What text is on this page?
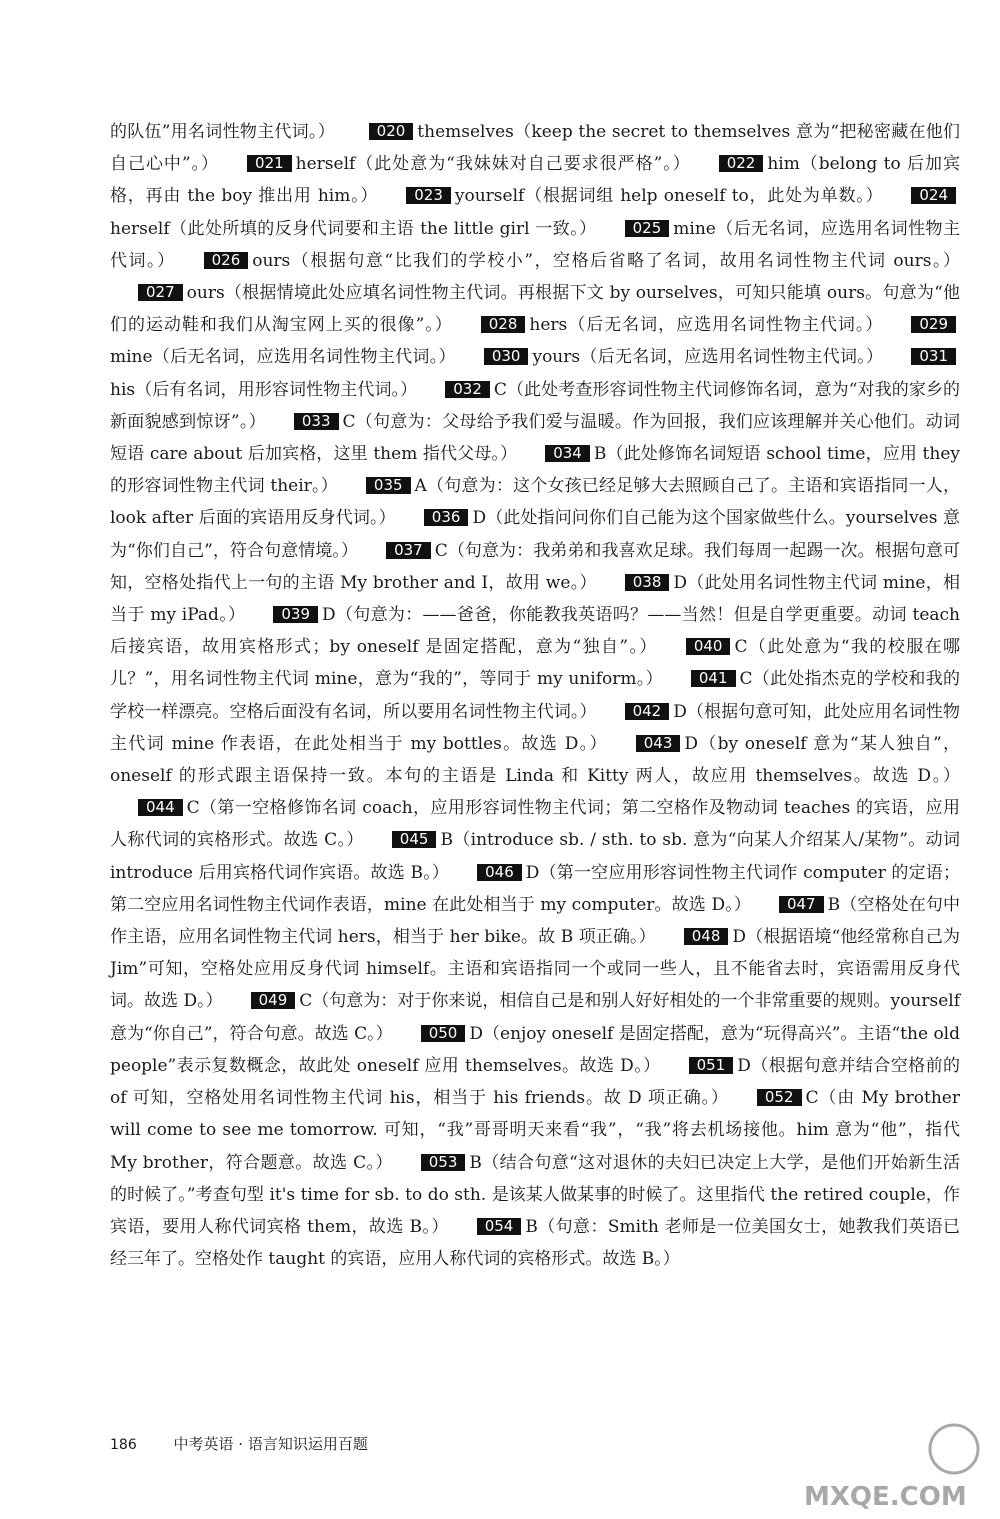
的队伍”用名词性物主代词。）	020 themselves（keep the secret to themselves 意为“把秘密藏在他们自己心中”。） 021 herself（此处意为“我妹妹对自己要求很严格”。） 022 him（belong to 后加宾格，再由 the boy 推出用 him。） 023 yourself（根据词组 help oneself to，此处为单数。） 024herself（此处所填的反身代词要和主语 the little girl 一致。） 025 mine（后无名词，应选用名词性物主代词。） 026 ours（根据句意“比我们的学校小”，空格后省略了名词，故用名词性物主代词 ours。）027 ours（根据情境此处应填名词性物主代词。再根据下文 by ourselves，可知只能填 ours。句意为“他们的运动鞋和我们从淘宝网上买的很像”。） 028 hers（后无名词，应选用名词性物主代词。） 029mine（后无名词，应选用名词性物主代词。） 030 yours（后无名词，应选用名词性物主代词。） 031his（后有名词，用形容词性物主代词。） 032 C（此处考查形容词性物主代词修饰名词，意为“对我的家乡的新面貌感到惊讶”。） 033 C（句意为：父母给予我们爱与温暖。作为回报，我们应该理解并关心他们。动词短语 care about 后加宾格，这里 them 指代父母。） 034 B（此处修饰名词短语 school time，应用 they 的形容词性物主代词 their。） 035 A（句意为：这个女孩已经足够大去照顾自己了。主语和宾语指同一人，look after 后面的宾语用反身代词。） 036 D（此处指问问你们自己能为这个国家做些什么。yourselves 意为“你们自己”，符合句意情境。） 037 C（句意为：我弟弟和我喜欢足球。我们每周一起踢一次。根据句意可知，空格处指代上一句的主语 My brother and I，故用 we。） 038 D（此处用名词性物主代词 mine，相当于 my iPad。） 039 D（句意为：——爸爸，你能教我英语吗？——当然！但是自学更重要。动词 teach 后接宾语，故用宾格形式；by oneself 是固定搭配，意为“独自”。） 040 C（此处意为“我的校服在哪儿？”，用名词性物主代词 mine，意为“我的”，等同于 my uniform。） 041 C（此处指杰克的学校和我的学校一样漂亮。空格后面没有名词，所以要用名词性物主代词。） 042 D（根据句意可知，此处应用名词性物主代词 mine 作表语，在此处相当于 my bottles。故选 D。） 043 D（by oneself 意为“某人独自”，oneself 的形式跟主语保持一致。本句的主语是 Linda 和 Kitty 两人，故应用 themselves。故选 D。）044 C（第一空格修饰名词 coach，应用形容词性物主代词；第二空格作及物动词 teaches 的宾语，应用人称代词的宾格形式。故选 C。） 045 B（introduce sb. / sth. to sb. 意为“向某人介绍某人/某物”。动词 introduce 后用宾格代词作宾语。故选 B。） 046 D（第一空应用形容词性物主代词作 computer 的定语；第二空应用名词性物主代词作表语，mine 在此处相当于 my computer。故选 D。） 047 B（空格处在句中作主语，应用名词性物主代词 hers，相当于 her bike。故 B 项正确。） 048 D（根据语境“他经常称自己为 Jim”可知，空格处应用反身代词 himself。主语和宾语指同一个或同一些人，且不能省去时，宾语需用反身代词。故选 D。） 049 C（句意为：对于你来说，相信自己是和别人好好相处的一个非常重要的规则。yourself 意为“你自己”，符合句意。故选 C。） 050 D（enjoy oneself 是固定搭配，意为“玩得高兴”。主语“the old people”表示复数概念，故此处 oneself 应用 themselves。故选 D。） 051 D（根据句意并结合空格前的 of 可知，空格处用名词性物主代词 his，相当于 his friends。故 D 项正确。） 052 C（由 My brother will come to see me tomorrow. 可知，“我”哥哥明天来看“我”，“我”将去机场接他。him 意为“他”，指代 My brother，符合题意。故选 C。） 053 B（结合句意“这对退休的夫妇已决定上大学，是他们开始新生活的时候了。”考查句型 it's time for sb. to do sth. 是该某人做某事的时候了。这里指代 the retired couple，作宾语，要用人称代词宾格 them，故选 B。） 054 B（句意：Smith 老师是一位美国女士，她教我们英语已经三年了。空格处作 taught 的宾语，应用人称代词的宾格形式。故选 B。）
186 中考英语 · 语言知识运用百题
MXQE.COM
